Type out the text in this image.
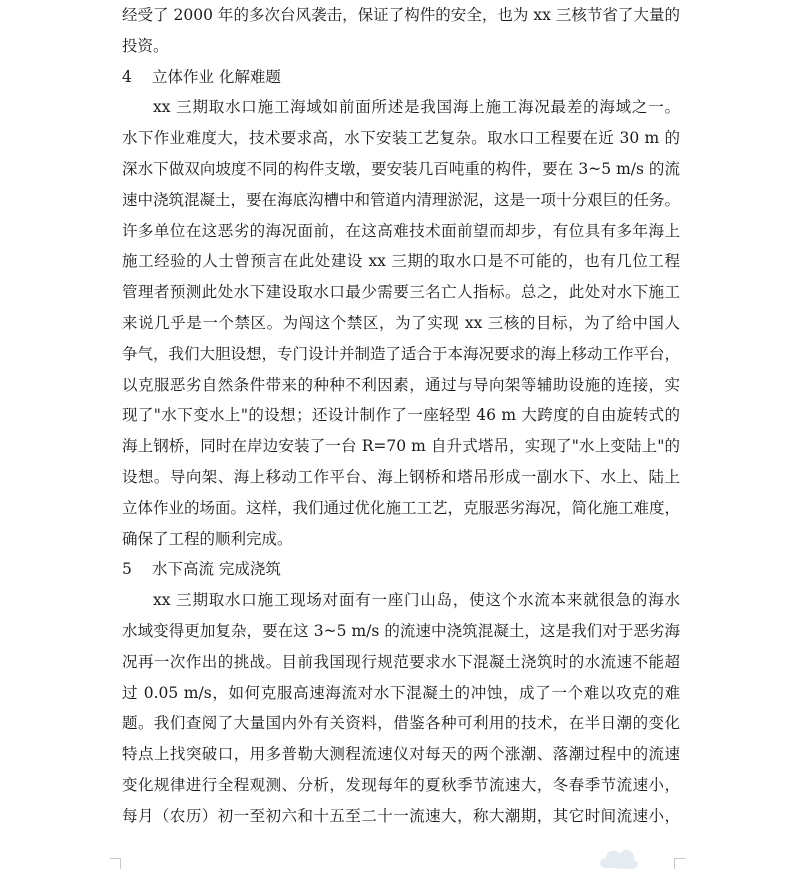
经受了 2000 年的多次台风袭击，保证了构件的安全，也为 xx 三核节省了大量的
投资。
4 立体作业 化解难题
xx 三期取水口施工海域如前面所述是我国海上施工海况最差的海域之一。
水下作业难度大，技术要求高，水下安装工艺复杂。取水口工程要在近 30 m 的
深水下做双向坡度不同的构件支墩，要安装几百吨重的构件，要在 3~5 m/s 的流
速中浇筑混凝土，要在海底沟槽中和管道内清理淤泥，这是一项十分艰巨的任务。
许多单位在这恶劣的海况面前，在这高难技术面前望而却步，有位具有多年海上
施工经验的人士曾预言在此处建设 xx 三期的取水口是不可能的，也有几位工程
管理者预测此处水下建设取水口最少需要三名亡人指标。总之，此处对水下施工
来说几乎是一个禁区。为闯这个禁区，为了实现 xx 三核的目标，为了给中国人
争气，我们大胆设想，专门设计并制造了适合于本海况要求的海上移动工作平台，
以克服恶劣自然条件带来的种种不利因素，通过与导向架等辅助设施的连接，实
现了"水下变水上"的设想；还设计制作了一座轻型 46 m 大跨度的自由旋转式的
海上钢桥，同时在岸边安装了一台 R=70 m 自升式塔吊，实现了"水上变陆上"的
设想。导向架、海上移动工作平台、海上钢桥和塔吊形成一副水下、水上、陆上
立体作业的场面。这样，我们通过优化施工工艺，克服恶劣海况，简化施工难度，
确保了工程的顺利完成。
5 水下高流 完成浇筑
xx 三期取水口施工现场对面有一座门山岛，使这个水流本来就很急的海水
水域变得更加复杂，要在这 3~5 m/s 的流速中浇筑混凝土，这是我们对于恶劣海
况再一次作出的挑战。目前我国现行规范要求水下混凝土浇筑时的水流速不能超
过 0.05 m/s，如何克服高速海流对水下混凝土的冲蚀，成了一个难以攻克的难
题。我们查阅了大量国内外有关资料，借鉴各种可利用的技术，在半日潮的变化
特点上找突破口，用多普勒大测程流速仪对每天的两个涨潮、落潮过程中的流速
变化规律进行全程观测、分析，发现每年的夏秋季节流速大，冬春季节流速小，
每月（农历）初一至初六和十五至二十一流速大，称大潮期，其它时间流速小，
